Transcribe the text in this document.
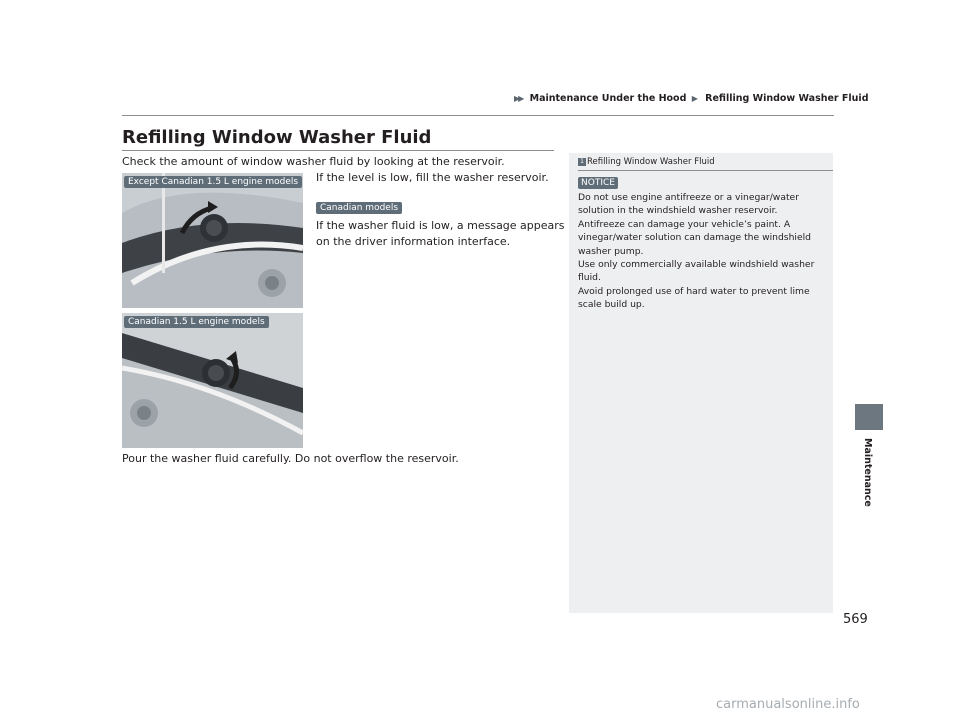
▶▶ Maintenance Under the Hood ▶ Refilling Window Washer Fluid
Refilling Window Washer Fluid
Check the amount of window washer fluid by looking at the reservoir.
If the level is low, fill the washer reservoir.
Canadian models
If the washer fluid is low, a message appears
on the driver information interface.
Except Canadian 1.5 L engine models
Canadian 1.5 L engine models
Pour the washer fluid carefully. Do not overflow the reservoir.
1 Refilling Window Washer Fluid
NOTICE
Do not use engine antifreeze or a vinegar/water
solution in the windshield washer reservoir.
Antifreeze can damage your vehicle’s paint. A
vinegar/water solution can damage the windshield
washer pump.
Use only commercially available windshield washer
fluid.
Avoid prolonged use of hard water to prevent lime
scale build up.
Maintenance
569
carmanualsonline.info
